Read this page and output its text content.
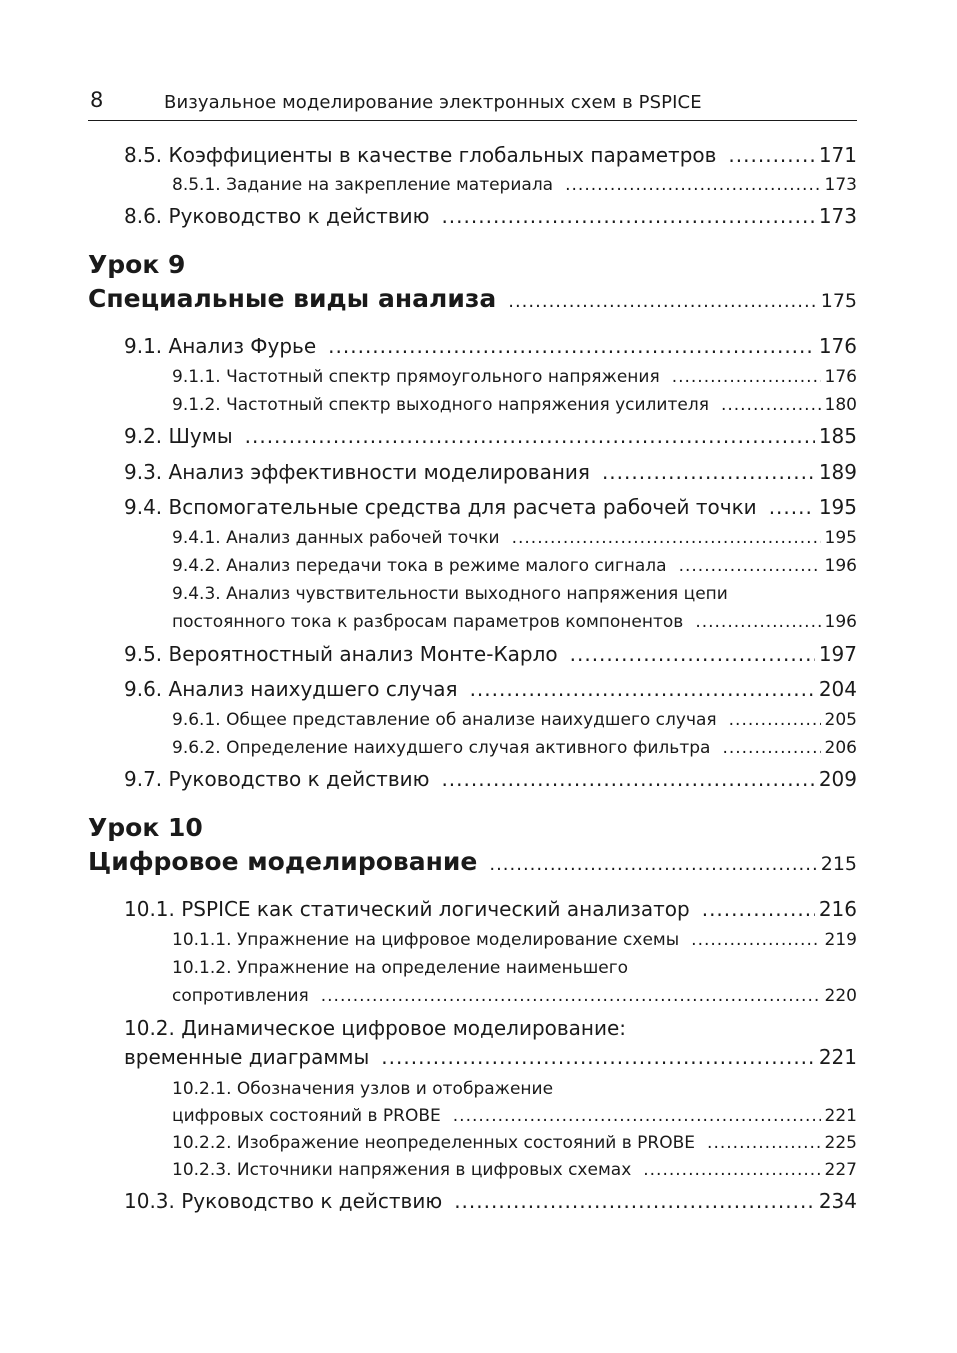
8	Визуальное моделирование электронных схем в PSPICE
8.5. Коэффициенты в качестве глобальных параметров .....	171
8.5.1. Задание на закрепление материала .....	173
8.6. Руководство к действию .....	173
Урок 9
Специальные виды анализа .....	175
9.1. Анализ Фурье .....	176
9.1.1. Частотный спектр прямоугольного напряжения .....	176
9.1.2. Частотный спектр выходного напряжения усилителя .....	180
9.2. Шумы .....	185
9.3. Анализ эффективности моделирования .....	189
9.4. Вспомогательные средства для расчета рабочей точки .....	195
9.4.1. Анализ данных рабочей точки .....	195
9.4.2. Анализ передачи тока в режиме малого сигнала .....	196
9.4.3. Анализ чувствительности выходного напряжения цепи
постоянного тока к разбросам параметров компонентов .....	196
9.5. Вероятностный анализ Монте-Карло .....	197
9.6. Анализ наихудшего случая .....	204
9.6.1. Общее представление об анализе наихудшего случая .....	205
9.6.2. Определение наихудшего случая активного фильтра .....	206
9.7. Руководство к действию .....	209
Урок 10
Цифровое моделирование .....	215
10.1. PSPICE как статический логический анализатор .....	216
10.1.1. Упражнение на цифровое моделирование схемы .....	219
10.1.2. Упражнение на определение наименьшего
сопротивления .....	220
10.2. Динамическое цифровое моделирование:
временные диаграммы .....	221
10.2.1. Обозначения узлов и отображение
цифровых состояний в PROBE .....	221
10.2.2. Изображение неопределенных состояний в PROBE .....	225
10.2.3. Источники напряжения в цифровых схемах .....	227
10.3. Руководство к действию .....	234
